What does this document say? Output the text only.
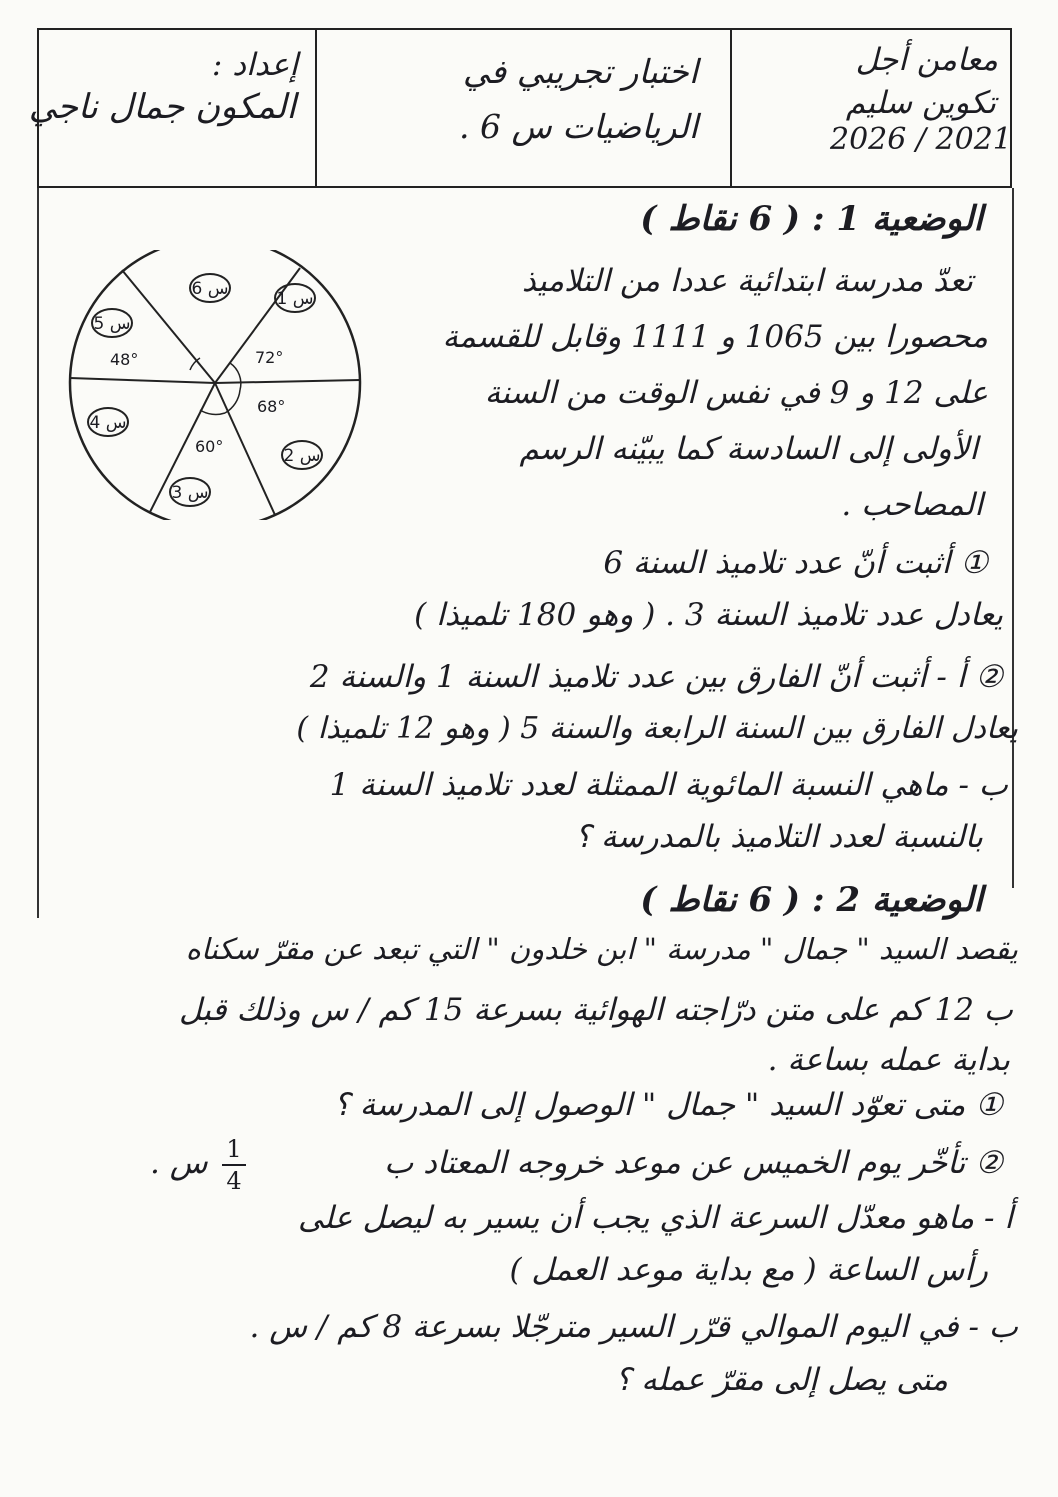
معامن أجل
تكوين سليم
2026 / 2021
اختبار تجريبي في
الرياضيات س 6 .
إعداد :
المكون جمال ناجي
الوضعية 1 : ( 6 نقاط )
تعدّ مدرسة ابتدائية عددا من التلاميذ
محصورا بين 1065 و 1111 وقابل للقسمة
على 12 و 9 في نفس الوقت من السنة
الأولى إلى السادسة كما يبيّنه الرسم
المصاحب .
س 1
س 6
س 5
س 4
س 3
س 2
72°
68°
60°
48°
① أثبت أنّ عدد تلاميذ السنة 6
يعادل عدد تلاميذ السنة 3 . ( وهو 180 تلميذا )
② أ - أثبت أنّ الفارق بين عدد تلاميذ السنة 1 والسنة 2
يعادل الفارق بين السنة الرابعة والسنة 5 ( وهو 12 تلميذا )
ب - ماهي النسبة المائوية الممثلة لعدد تلاميذ السنة 1
بالنسبة لعدد التلاميذ بالمدرسة ؟
الوضعية 2 : ( 6 نقاط )
يقصد السيد " جمال " مدرسة " ابن خلدون " التي تبعد عن مقرّ سكناه
ب 12 كم على متن درّاجته الهوائية بسرعة 15 كم / س وذلك قبل
بداية عمله بساعة .
① متى تعوّد السيد " جمال " الوصول إلى المدرسة ؟
② تأخّر يوم الخميس عن موعد خروجه المعتاد ب
1
4
س .
أ - ماهو معدّل السرعة الذي يجب أن يسير به ليصل على
رأس الساعة ( مع بداية موعد العمل )
ب - في اليوم الموالي قرّر السير مترجّلا بسرعة 8 كم / س .
متى يصل إلى مقرّ عمله ؟
